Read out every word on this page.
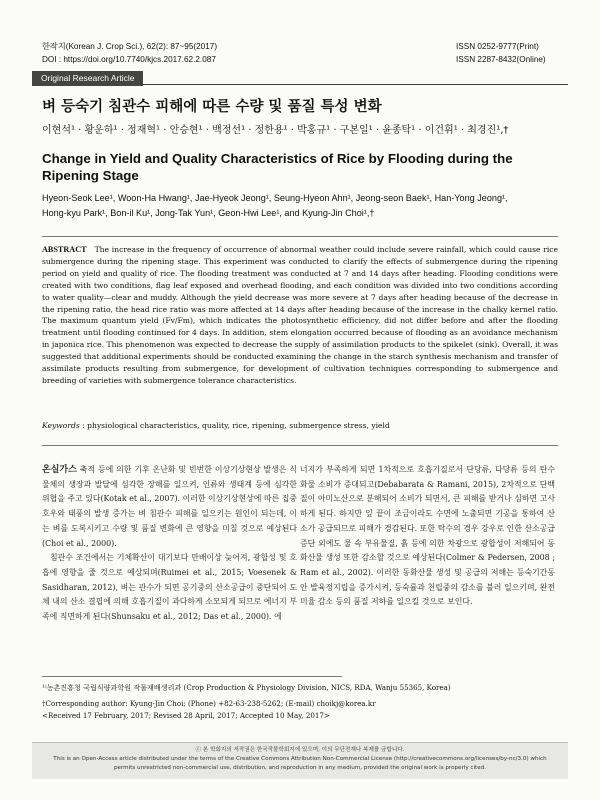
한작지(Korean J. Crop Sci.), 62(2): 87~95(2017)
DOI : https://doi.org/10.7740/kjcs.2017.62.2.087
ISSN 0252-9777(Print)
ISSN 2287-8432(Online)
Original Research Article
벼 등숙기 침관수 피해에 따른 수량 및 품질 특성 변화
이현석¹ · 황운하¹ · 정재혁¹ · 안승현¹ · 백정선¹ · 정한용¹ · 박홍규¹ · 구본일¹ · 윤종탁¹ · 이건휘¹ · 최경진¹,†
Change in Yield and Quality Characteristics of Rice by Flooding during the Ripening Stage
Hyeon-Seok Lee¹, Woon-Ha Hwang¹, Jae-Hyeok Jeong¹, Seung-Hyeon Ahn¹, Jeong-seon Baek¹, Han-Yong Jeong¹,
Hong-kyu Park¹, Bon-il Ku¹, Jong-Tak Yun¹, Geon-Hwi Lee¹, and Kyung-Jin Choi¹,†
ABSTRACT The increase in the frequency of occurrence of abnormal weather could include severe rainfall, which could cause rice submergence during the ripening stage. This experiment was conducted to clarify the effects of submergence during the ripening period on yield and quality of rice. The flooding treatment was conducted at 7 and 14 days after heading. Flooding conditions were created with two conditions, flag leaf exposed and overhead flooding, and each condition was divided into two conditions according to water quality—clear and muddy. Although the yield decrease was more severe at 7 days after heading because of the decrease in the ripening ratio, the head rice ratio was more affected at 14 days after heading because of the increase in the chalky kernel ratio. The maximum quantum yield (Fv/Fm), which indicates the photosynthetic efficiency, did not differ before and after the flooding treatment until flooding continued for 4 days. In addition, stem elongation occurred because of flooding as an avoidance mechanism in japonica rice. This phenomenon was expected to decrease the supply of assimilation products to the spikelet (sink). Overall, it was suggested that additional experiments should be conducted examining the change in the starch synthesis mechanism and transfer of assimilate products resulting from submergence, for development of cultivation techniques corresponding to submergence and breeding of varieties with submergence tolerance characteristics.
Keywords : physiological characteristics, quality, rice, ripening, submergence stress, yield

온실가스 축적 등에 의한 기후 온난화 및 빈번한 이상기상현상 발생은 식물체의 생장과 발달에 심각한 장해를 일으켜, 인류와 생태계 등에 심각한 위협을 주고 있다(Kotak et al., 2007). 이러한 이상기상현상에 따른 집중호우와 태풍의 발생 증가는 벼 침관수 피해를 일으키는 원인이 되는데, 이는 벼를 도복시키고 수량 및 품질 변화에 큰 영향을 미칠 것으로 예상된다(Choi et al., 2000).

침관수 조건에서는 기체확산이 대기보다 만배이상 늦어져, 광합성 및 호흡에 영향을 줄 것으로 예상되며(Ruimei et al., 2015; Voesenek & Sasidharan, 2012), 벼는 관수가 되면 공기중의 산소공급이 중단되어 도체 내의 산소 결핍에 의해 호흡기질이 과다하게 소모되게 되므로 에너지 부족에 직면하게 된다(Shunsaku et al., 2012; Das et al., 2000). 에

너지가 부족하게 되면 1차적으로 호흡기질로서 단당류, 다당류 등의 탄수화물 소비가 증대되고(Debabarata & Ramani, 2015), 2차적으로 단백질이 아미노산으로 분해되어 소비가 되면서, 큰 피해를 받거나 심하면 고사하게 된다. 하지만 잎 끝이 조금이라도 수면에 노출되면 기공을 통하여 산소가 공급되므로 피해가 경감된다. 또한 탁수의 경우 강우로 인한 산소공급 증단 외에도 물 속 부유물질, 흙 등에 의한 차광으로 광합성이 저해되어 동화산물 생성 또한 감소할 것으로 예상된다(Colmer & Pedersen, 2008 ; Ram et al., 2002). 이러한 동화산물 생성 및 공급의 저해는 등숙기간동안 발육정지립을 증가시켜, 등숙률과 천립중의 감소를 불러 일으키며, 완전미율 감소 등의 품질 저하를 일으킬 것으로 보인다.

¹⁾농촌진흥청 국립식량과학원 작물재배생리과 (Crop Production & Physiology Division, NICS, RDA, Wanju 55365, Korea)
†Corresponding author: Kyung-Jin Choi; (Phone) +82-63-238-5262; (E-mail) choikj@korea.kr
<Received 17 February, 2017; Revised 28 April, 2017; Accepted 10 May, 2017>
ⓒ 본 학회지의 저작권은 한국작물학회지에 있으며, 이의 무단전재나 복제를 금합니다.
This is an Open-Access article distributed under the terms of the Creative Commons Attribution Non-Commercial License (http://creativecommons.org/licenses/by-nc/3.0) which
permits unrestricted non-commercial use, distribution, and reproduction in any medium, provided the original work is properly cited.
